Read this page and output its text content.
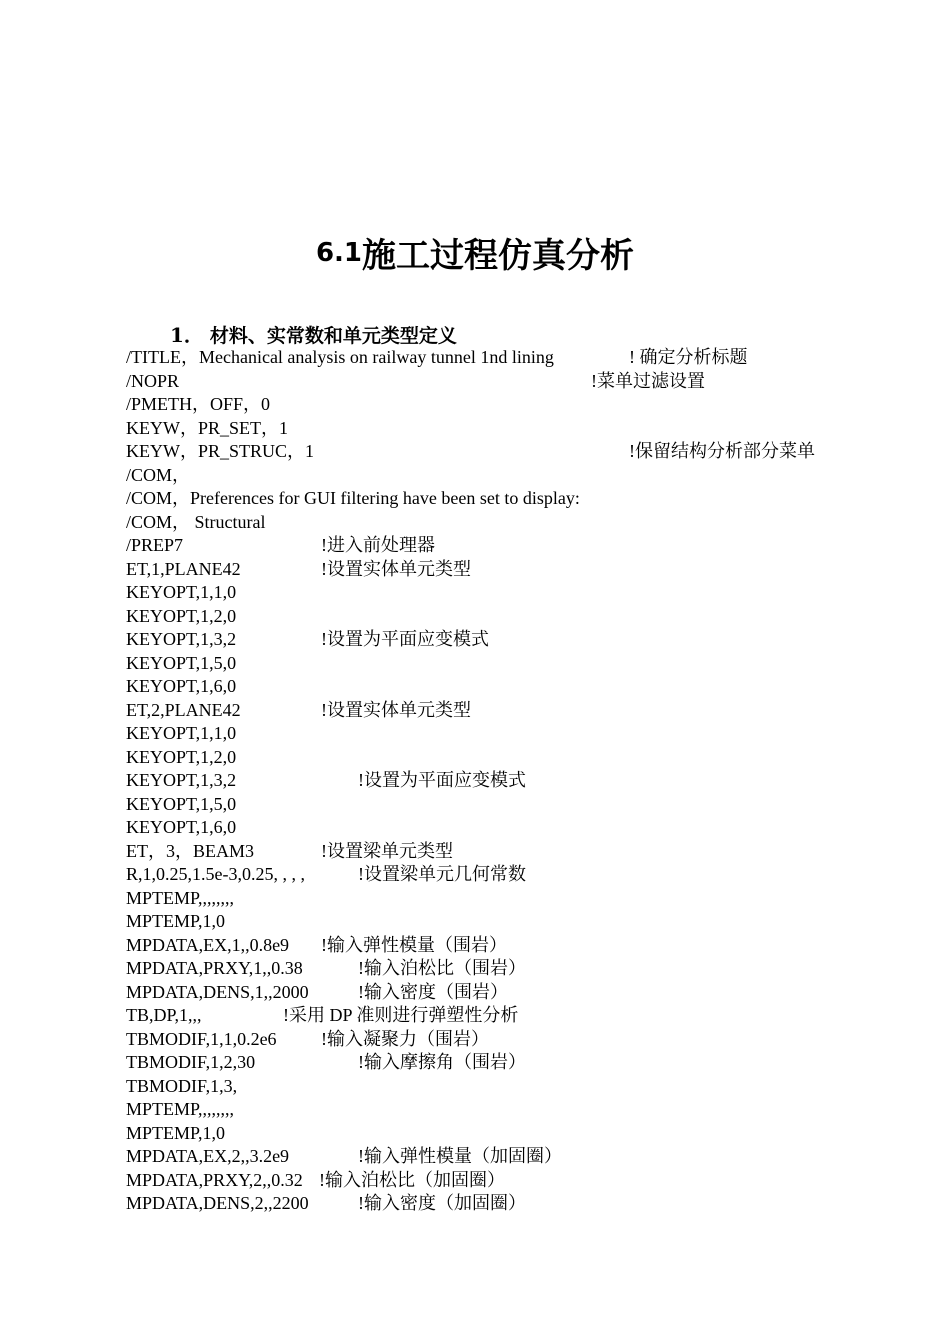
6.1施工过程仿真分析
1． 材料、实常数和单元类型定义
/TITLE，Mechanical analysis on railway tunnel 1nd lining	! 确定分析标题
/NOPR	!菜单过滤设置
/PMETH，OFF，0
KEYW，PR_SET，1
KEYW，PR_STRUC，1	!保留结构分析部分菜单
/COM，
/COM，Preferences for GUI filtering have been set to display:
/COM， Structural
/PREP7	!进入前处理器
ET,1,PLANE42	!设置实体单元类型
KEYOPT,1,1,0
KEYOPT,1,2,0
KEYOPT,1,3,2	!设置为平面应变模式
KEYOPT,1,5,0
KEYOPT,1,6,0
ET,2,PLANE42	!设置实体单元类型
KEYOPT,1,1,0
KEYOPT,1,2,0
KEYOPT,1,3,2	!设置为平面应变模式
KEYOPT,1,5,0
KEYOPT,1,6,0
ET，3，BEAM3	!设置梁单元类型
R,1,0.25,1.5e-3,0.25, , , ,	!设置梁单元几何常数
MPTEMP,,,,,,,,
MPTEMP,1,0
MPDATA,EX,1,,0.8e9 !输入弹性模量（围岩）
MPDATA,PRXY,1,,0.38	!输入泊松比（围岩）
MPDATA,DENS,1,,2000	!输入密度（围岩）
TB,DP,1,,,	!采用 DP 准则进行弹塑性分析
TBMODIF,1,1,0.2e6 !输入凝聚力（围岩）
TBMODIF,1,2,30	!输入摩擦角（围岩）
TBMODIF,1,3,
MPTEMP,,,,,,,,
MPTEMP,1,0
MPDATA,EX,2,,3.2e9	!输入弹性模量（加固圈）
MPDATA,PRXY,2,,0.32 !输入泊松比（加固圈）
MPDATA,DENS,2,,2200	!输入密度（加固圈）
